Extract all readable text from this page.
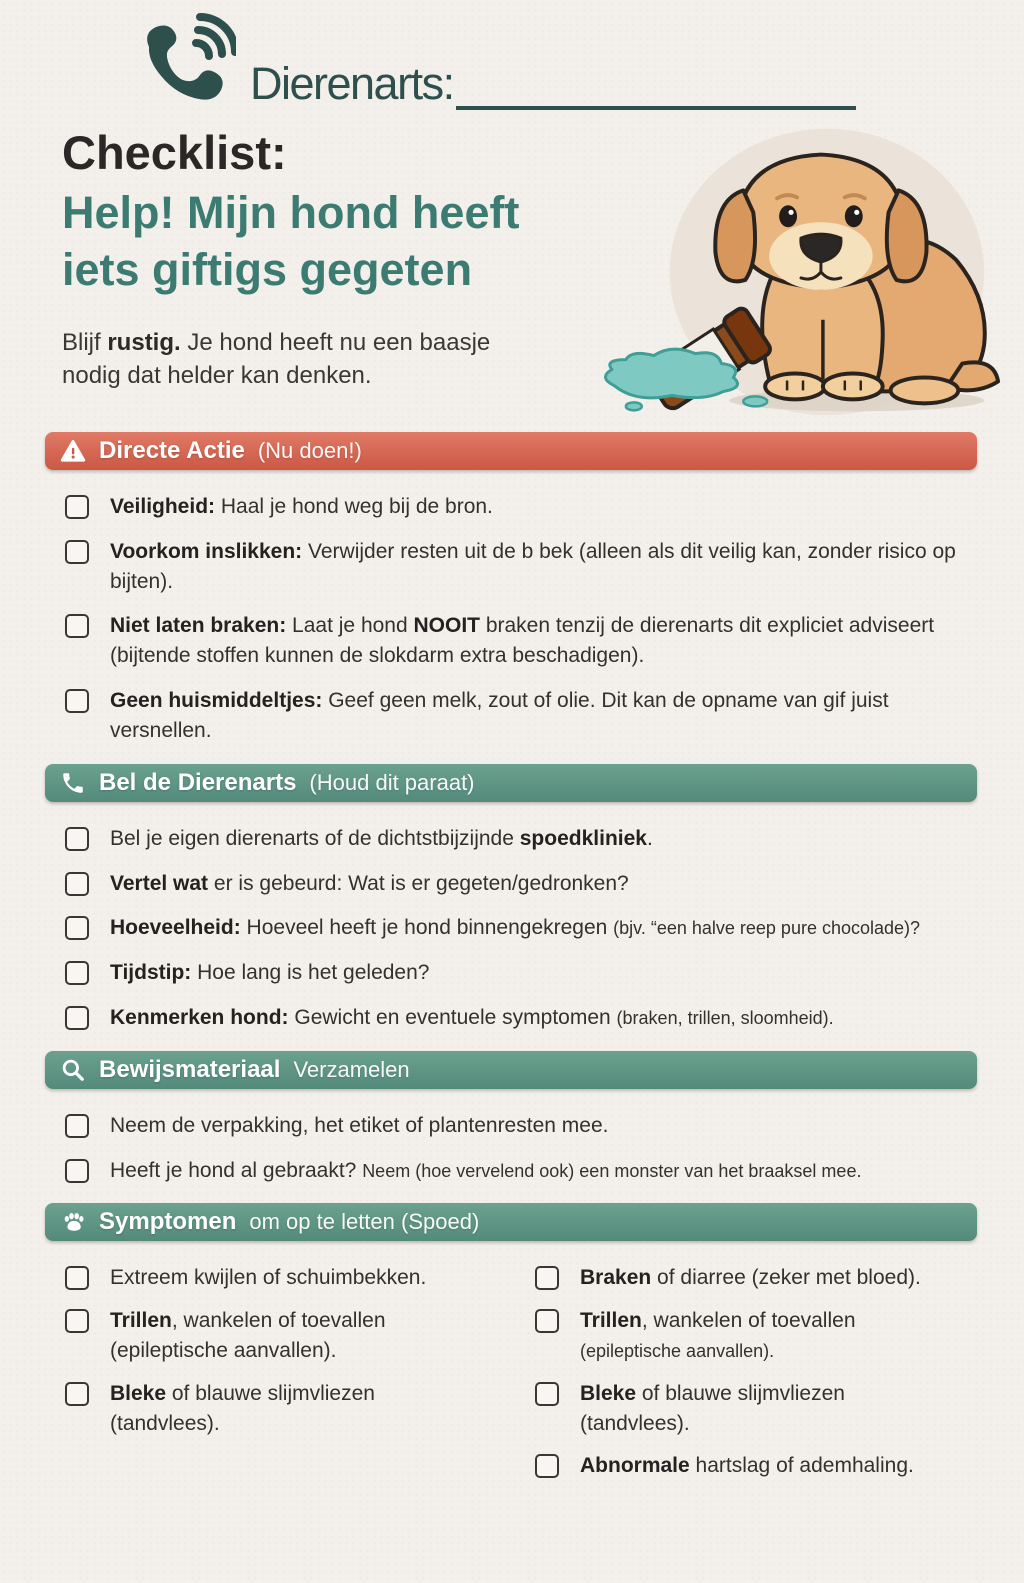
Dierenarts:
Checklist:
Help! Mijn hond heeft
iets giftigs gegeten

Blijf rustig. Je hond heeft nu een baasje nodig dat helder kan denken.

Directe Actie (Nu doen!)

Veiligheid: Haal je hond weg bij de bron.

Voorkom inslikken: Verwijder resten uit de b bek (alleen als dit veilig kan, zonder risico op bijten).

Niet laten braken: Laat je hond NOOIT braken tenzij de dierenarts dit expliciet adviseert (bijtende stoffen kunnen de slokdarm extra beschadigen).

Geen huismiddeltjes: Geef geen melk, zout of olie. Dit kan de opname van gif juist versnellen.

Bel de Dierenarts (Houd dit paraat)

Bel je eigen dierenarts of de dichtstbijzijnde spoedkliniek.

Vertel wat er is gebeurd: Wat is er gegeten/gedronken?

Hoeveelheid: Hoeveel heeft je hond binnengekregen (bjv. “een halve reep pure chocolade)?

Tijdstip: Hoe lang is het geleden?

Kenmerken hond: Gewicht en eventuele symptomen (braken, trillen, sloomheid).

Bewijsmateriaal Verzamelen

Neem de verpakking, het etiket of plantenresten mee.

Heeft je hond al gebraakt? Neem (hoe vervelend ook) een monster van het braaksel mee.

Symptomen om op te letten (Spoed)

Extreem kwijlen of schuimbekken.

Trillen, wankelen of toevallen (epileptische aanvallen).

Bleke of blauwe slijmvliezen (tandvlees).

Braken of diarree (zeker met bloed).

Trillen, wankelen of toevallen (epileptische aanvallen).

Bleke of blauwe slijmvliezen (tandvlees).

Abnormale hartslag of ademhaling.
